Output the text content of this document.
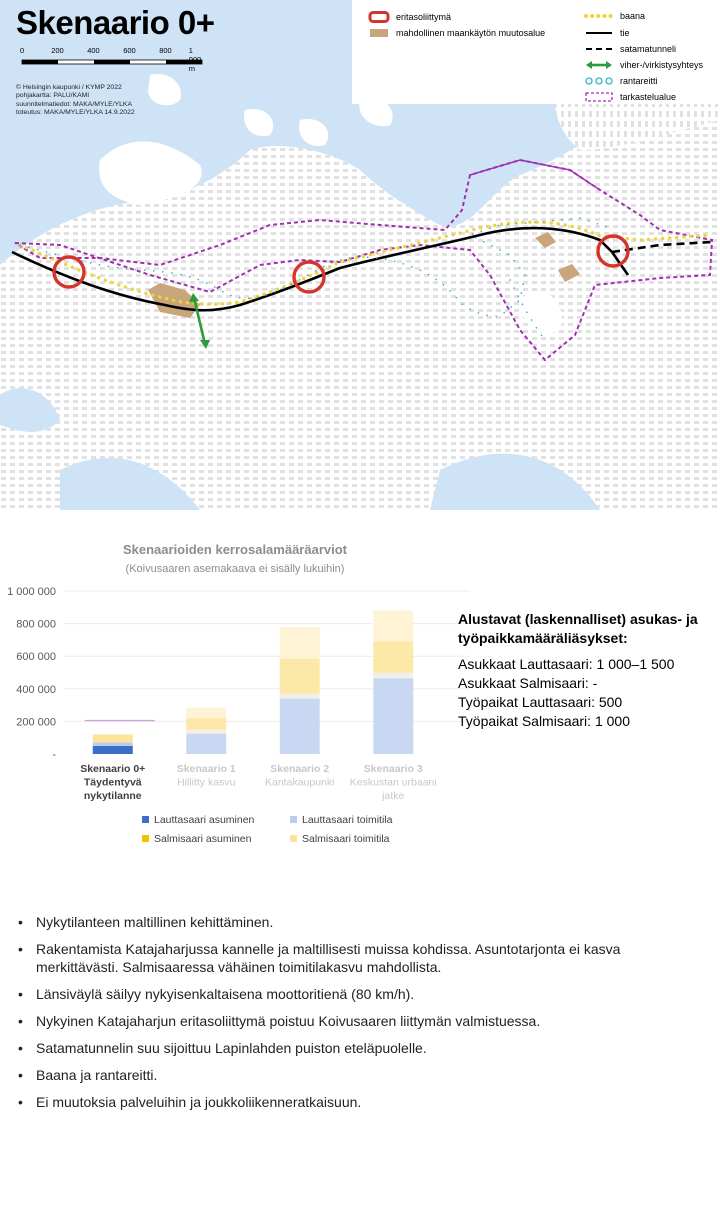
Skenaario 0+
0	200	400	600	800 1 000 m
© Helsingin kaupunki / KYMP 2022
pohjakartta: PALU/KAMI
suunnitelmatiedot: MAKA/MYLE/YLKA
toteutus: MAKA/MYLE/YLKA 14.9.2022
eritasoliittymä
mahdollinen maankäytön muutosalue
baana
tie
satamatunneli
viher-/virkistysyhteys
rantareitti
tarkastelualue
Skenaarioiden kerrosalamääräarviot
(Koivusaaren asemakaava ei sisälly lukuihin)
-
200 000
400 000
600 000
800 000
1 000 000
Skenaario 0+
Täydentyvä
nykytilanne
Skenaario 1
Hillitty kasvu
Skenaario 2
Kantakaupunki
Skenaario 3
Keskustan urbaani
jatke
Lauttasaari asuminen	Lauttasaari toimitila
Salmisaari asuminen	Salmisaari toimitila
Alustavat (laskennalliset) asukas- ja työpaikkamääräliäsykset:
Asukkaat Lauttasaari: 1 000–1 500
Asukkaat Salmisaari: -
Työpaikat Lauttasaari: 500
Työpaikat Salmisaari: 1 000
• Nykytilanteen maltillinen kehittäminen.
• Rakentamista Katajaharjussa kannelle ja maltillisesti muissa kohdissa. Asuntotarjonta ei kasva merkittävästi. Salmisaaressa vähäinen toimitilakasvu mahdollista.
• Länsiväylä säilyy nykyisenkaltaisena moottoritienä (80 km/h).
• Nykyinen Katajaharjun eritasoliittymä poistuu Koivusaaren liittymän valmistuessa.
• Satamatunnelin suu sijoittuu Lapinlahden puiston eteläpuolelle.
• Baana ja rantareitti.
• Ei muutoksia palveluihin ja joukkoliikenneratkaisuun.
